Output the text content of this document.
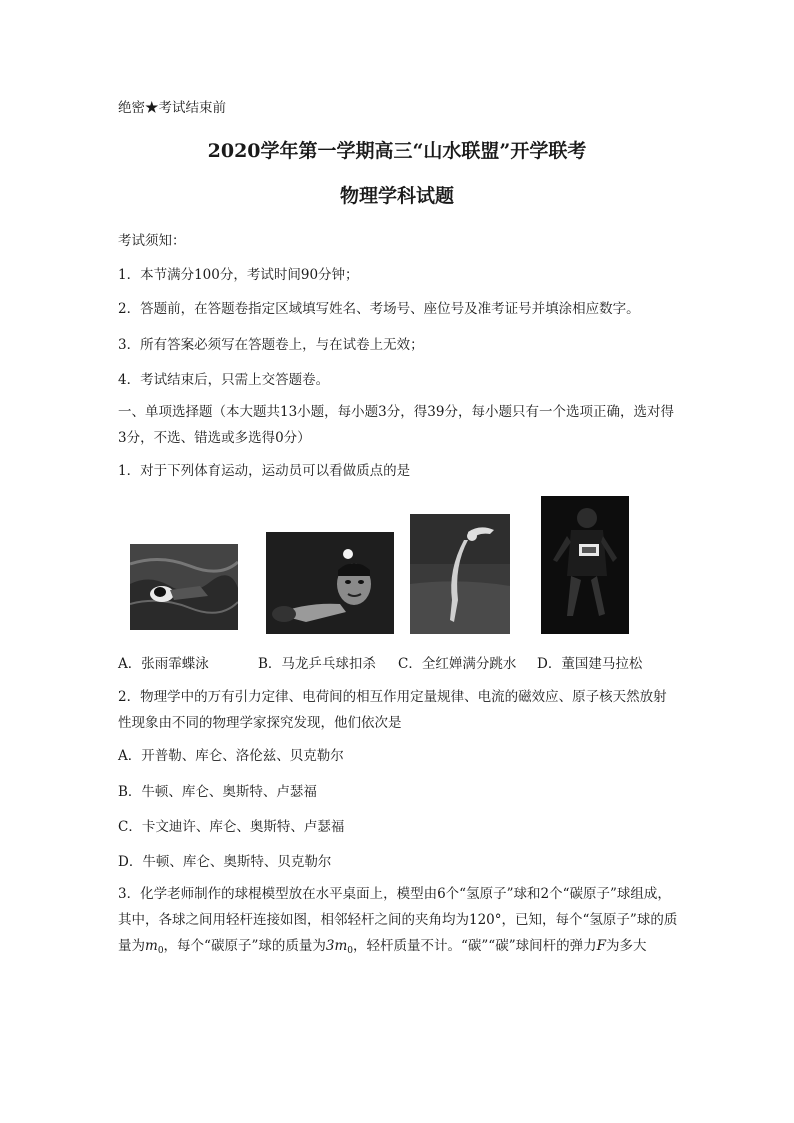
绝密★考试结束前
2020学年第一学期高三“山水联盟”开学联考
物理学科试题
考试须知：
1．本节满分100分，考试时间90分钟；
2．答题前，在答题卷指定区域填写姓名、考场号、座位号及准考证号并填涂相应数字。
3．所有答案必须写在答题卷上，与在试卷上无效；
4．考试结束后，只需上交答题卷。
一、单项选择题（本大题共13小题，每小题3分，得39分，每小题只有一个选项正确，选对得3分，不选、错选或多选得0分）
1．对于下列体育运动，运动员可以看做质点的是
A．张雨霏蝶泳	B．马龙乒乓球扣杀 C．全红婵满分跳水 D．董国建马拉松
2．物理学中的万有引力定律、电荷间的相互作用定量规律、电流的磁效应、原子核天然放射性现象由不同的物理学家探究发现，他们依次是
A．开普勒、库仑、洛伦兹、贝克勒尔
B．牛顿、库仑、奥斯特、卢瑟福
C．卡文迪许、库仑、奥斯特、卢瑟福
D．牛顿、库仑、奥斯特、贝克勒尔
3．化学老师制作的球棍模型放在水平桌面上，模型由6个“氢原子”球和2个“碳原子”球组成，其中，各球之间用轻杆连接如图，相邻轻杆之间的夹角均为120°，已知，每个“氢原子”球的质量为$m_0$，每个“碳原子”球的质量为$3m_0$，轻杆质量不计。“碳”“碳”球间杆的弹力F为多大
